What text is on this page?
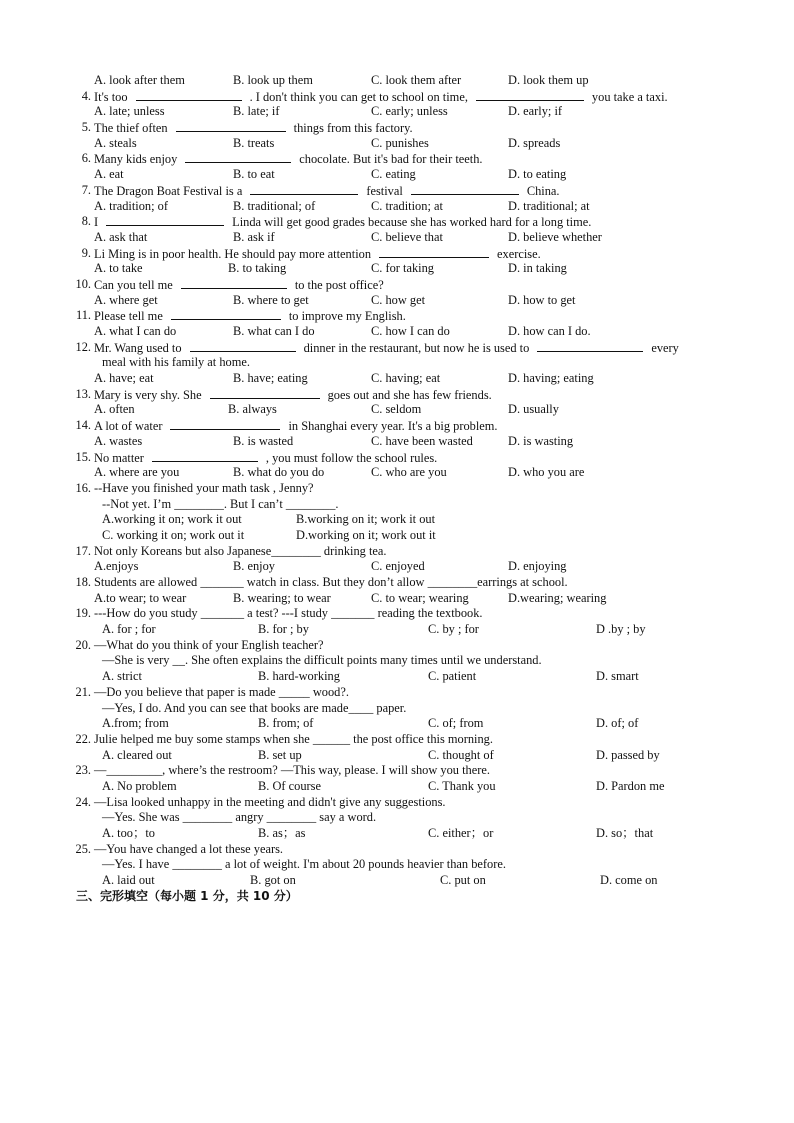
A. look after them	B. look up them	C. look them after	D. look them up
4. It's too	. I don't think you can get to school on time,	you take a taxi.
A. late; unless	B. late; if	C. early; unless	D. early; if
5. The thief often	things from this factory.
A. steals	B. treats	C. punishes	D. spreads
6. Many kids enjoy	chocolate. But it's bad for their teeth.
A. eat	B. to eat	C. eating	D. to eating
7. The Dragon Boat Festival is a	festival	China.
A. tradition; of	B. traditional; of	C. tradition; at	D. traditional; at
8. I	Linda will get good grades because she has worked hard for a long time.
A. ask that	B. ask if	C. believe that	D. believe whether
9. Li Ming is in poor health. He should pay more attention	exercise.
A. to take	B. to taking	C. for taking	D. in taking
10. Can you tell me	to the post office?
A. where get	B. where to get	C. how get	D. how to get
11. Please tell me	to improve my English.
A. what I can do	B. what can I do	C. how I can do	D. how can I do.
12. Mr. Wang used to	dinner in the restaurant, but now he is used to	every
meal with his family at home.
A. have; eat	B. have; eating	C. having; eat	D. having; eating
13. Mary is very shy. She	goes out and she has few friends.
A. often	B. always	C. seldom	D. usually
14. A lot of water	in Shanghai every year. It's a big problem.
A. wastes	B. is wasted	C. have been wasted	D. is wasting
15. No matter	, you must follow the school rules.
A. where are you	B. what do you do	C. who are you	D. who you are
16. --Have you finished your math task , Jenny?
--Not yet. I’m ________. But I can’t ________.
A.working it on; work it out	B.working on it; work it out
C. working it on; work out it	D.working on it; work out it
17. Not only Koreans but also Japanese________ drinking tea.
A.enjoys	B. enjoy	C. enjoyed	D. enjoying
18. Students are allowed _______ watch in class. But they don’t allow ________earrings at school.
A.to wear; to wear	B. wearing; to wear	C. to wear; wearing	D.wearing; wearing
19. ---How do you study _______ a test? ---I study _______ reading the textbook.
A. for ; for	B. for ; by	C. by ; for	D .by ; by
20. —What do you think of your English teacher?
—She is very __. She often explains the difficult points many times until we understand.
A. strict	B. hard-working	C. patient	D. smart
21. —Do you believe that paper is made _____ wood?.
—Yes, I do. And you can see that books are made____ paper.
A.from; from	B. from; of	C. of; from	D. of; of
22. Julie helped me buy some stamps when she ______ the post office this morning.
A. cleared out	B. set up	C. thought of	D. passed by
23. —_________, where’s the restroom? —This way, please. I will show you there.
A. No problem	B. Of course	C. Thank you	D. Pardon me
24. —Lisa looked unhappy in the meeting and didn't give any suggestions.
—Yes. She was ________ angry ________ say a word.
A. too；to	B. as；as	C. either；or	D. so；that
25. —You have changed a lot these years.
—Yes. I have ________ a lot of weight. I'm about 20 pounds heavier than before.
A. laid out	B. got on	C. put on	D. come on
三、完形填空（每小题 1 分，共 10 分）
